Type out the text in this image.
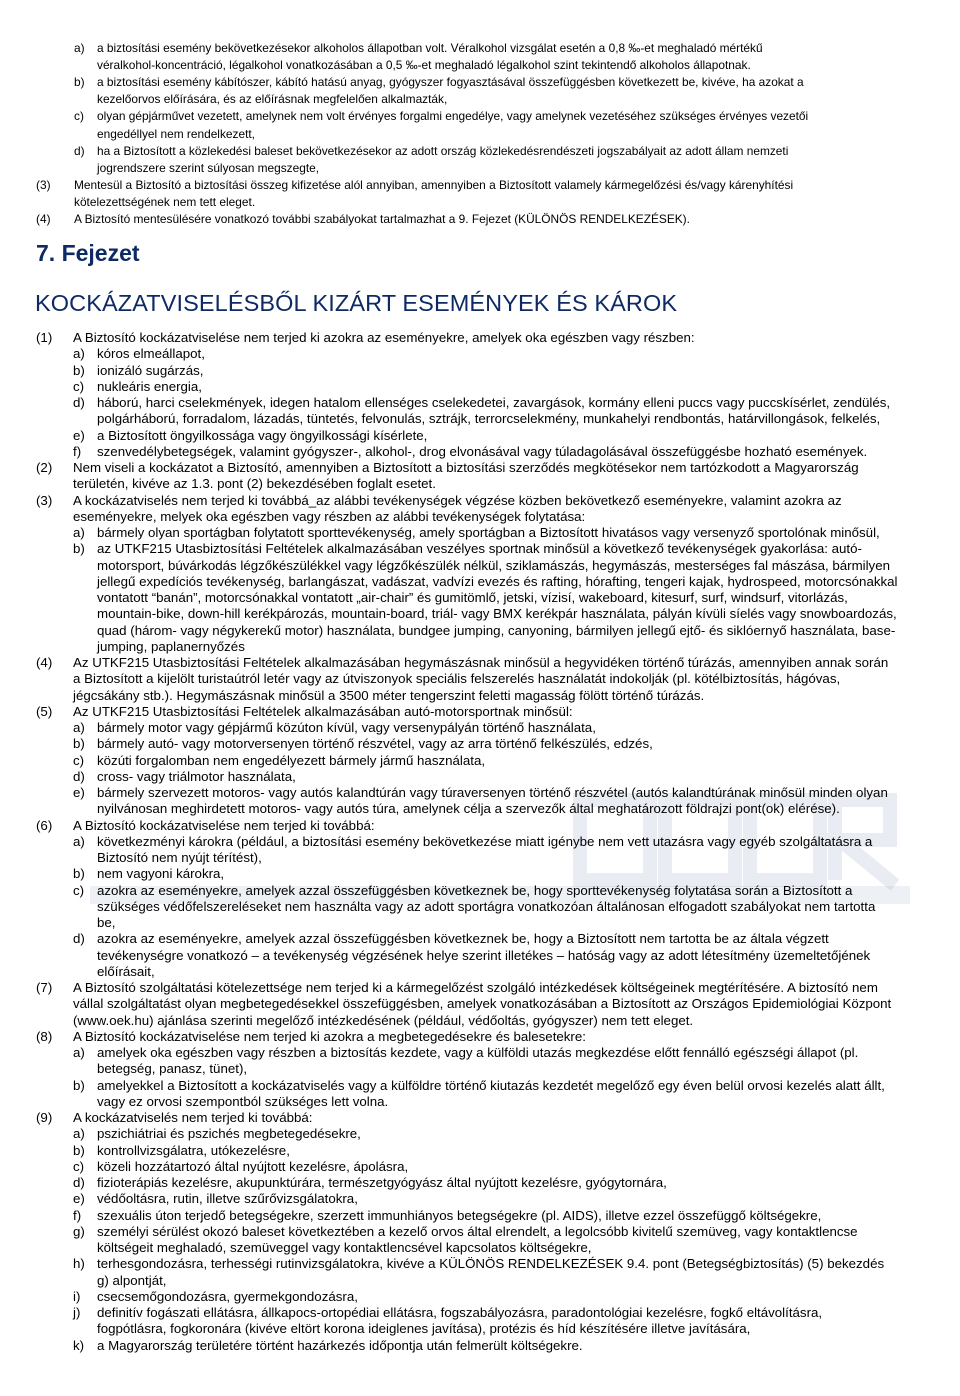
a) a biztosítási esemény bekövetkezésekor alkoholos állapotban volt. Véralkohol vizsgálat esetén a 0,8 ‰-et meghaladó mértékű
véralkohol-koncentráció, légalkohol vonatkozásában a 0,5 ‰-et meghaladó légalkohol szint tekintendő alkoholos állapotnak.
b) a biztosítási esemény kábítószer, kábító hatású anyag, gyógyszer fogyasztásával összefüggésben következett be, kivéve, ha azokat a
kezelőorvos előírására, és az előírásnak megfelelően alkalmazták,
c) olyan gépjárművet vezetett, amelynek nem volt érvényes forgalmi engedélye, vagy amelynek vezetéséhez szükséges érvényes vezetői
engedéllyel nem rendelkezett,
d) ha a Biztosított a közlekedési baleset bekövetkezésekor az adott ország közlekedésrendészeti jogszabályait az adott állam nemzeti
jogrendszere szerint súlyosan megszegte,
(3) Mentesül a Biztosító a biztosítási összeg kifizetése alól annyiban, amennyiben a Biztosított valamely kármegelőzési és/vagy kárenyhítési
kötelezettségének nem tett eleget.
(4) A Biztosító mentesülésére vonatkozó további szabályokat tartalmazhat a 9. Fejezet (KÜLÖNÖS RENDELKEZÉSEK).
7. Fejezet
KOCKÁZATVISELÉSBŐL KIZÁRT ESEMÉNYEK ÉS KÁROK
(1) A Biztosító kockázatviselése nem terjed ki azokra az eseményekre, amelyek oka egészben vagy részben:
a) kóros elmeállapot,
b) ionizáló sugárzás,
c) nukleáris energia,
d) háború, harci cselekmények, idegen hatalom ellenséges cselekedetei, zavargások, kormány elleni puccs vagy puccskísérlet, zendülés,
polgárháború, forradalom, lázadás, tüntetés, felvonulás, sztrájk, terrorcselekmény, munkahelyi rendbontás, határvillongások, felkelés,
e) a Biztosított öngyilkossága vagy öngyilkossági kísérlete,
f) szenvedélybetegségek, valamint gyógyszer-, alkohol-, drog elvonásával vagy túladagolásával összefüggésbe hozható események.
(2) Nem viseli a kockázatot a Biztosító, amennyiben a Biztosított a biztosítási szerződés megkötésekor nem tartózkodott a Magyarország
területén, kivéve az 1.3. pont (2) bekezdésében foglalt esetet.
(3) A kockázatviselés nem terjed ki továbbá_az alábbi tevékenységek végzése közben bekövetkező eseményekre, valamint azokra az
eseményekre, melyek oka egészben vagy részben az alábbi tevékenységek folytatása:
a) bármely olyan sportágban folytatott sporttevékenység, amely sportágban a Biztosított hivatásos vagy versenyző sportolónak minősül,
b) az UTKF215 Utasbiztosítási Feltételek alkalmazásában veszélyes sportnak minősül a következő tevékenységek gyakorlása: autó-
motorsport, búvárkodás légzőkészülékkel vagy légzőkészülék nélkül, sziklamászás, hegymászás, mesterséges fal mászása, bármilyen
jellegű expedíciós tevékenység, barlangászat, vadászat, vadvízi evezés és rafting, hórafting, tengeri kajak, hydrospeed, motorcsónakkal
vontatott “banán”, motorcsónakkal vontatott „air-chair” és gumitömlő, jetski, vízisí, wakeboard, kitesurf, surf, windsurf, vitorlázás,
mountain-bike, down-hill kerékpározás, mountain-board, triál- vagy BMX kerékpár használata, pályán kívüli síelés vagy snowboardozás,
quad (három- vagy négykerekű motor) használata, bundgee jumping, canyoning, bármilyen jellegű ejtő- és siklóernyő használata, base-
jumping, paplanernyőzés
(4) Az UTKF215 Utasbiztosítási Feltételek alkalmazásában hegymászásnak minősül a hegyvidéken történő túrázás, amennyiben annak során
a Biztosított a kijelölt turistaútról letér vagy az útviszonyok speciális felszerelés használatát indokolják (pl. kötélbiztosítás, hágóvas,
jégcsákány stb.). Hegymászásnak minősül a 3500 méter tengerszint feletti magasság fölött történő túrázás.
(5) Az UTKF215 Utasbiztosítási Feltételek alkalmazásában autó-motorsportnak minősül:
a) bármely motor vagy gépjármű közúton kívül, vagy versenypályán történő használata,
b) bármely autó- vagy motorversenyen történő részvétel, vagy az arra történő felkészülés, edzés,
c) közúti forgalomban nem engedélyezett bármely jármű használata,
d) cross- vagy triálmotor használata,
e) bármely szervezett motoros- vagy autós kalandtúrán vagy túraversenyen történő részvétel (autós kalandtúrának minősül minden olyan
nyilvánosan meghirdetett motoros- vagy autós túra, amelynek célja a szervezők által meghatározott földrajzi pont(ok) elérése).
(6) A Biztosító kockázatviselése nem terjed ki továbbá:
a) következményi károkra (például, a biztosítási esemény bekövetkezése miatt igénybe nem vett utazásra vagy egyéb szolgáltatásra a
Biztosító nem nyújt térítést),
b) nem vagyoni károkra,
c) azokra az eseményekre, amelyek azzal összefüggésben következnek be, hogy sporttevékenység folytatása során a Biztosított a
szükséges védőfelszereléseket nem használta vagy az adott sportágra vonatkozóan általánosan elfogadott szabályokat nem tartotta
be,
d) azokra az eseményekre, amelyek azzal összefüggésben következnek be, hogy a Biztosított nem tartotta be az általa végzett
tevékenységre vonatkozó – a tevékenység végzésének helye szerint illetékes – hatóság vagy az adott létesítmény üzemeltetőjének
előírásait,
(7) A Biztosító szolgáltatási kötelezettsége nem terjed ki a kármegelőzést szolgáló intézkedések költségeinek megtérítésére. A biztosító nem
vállal szolgáltatást olyan megbetegedésekkel összefüggésben, amelyek vonatkozásában a Biztosított az Országos Epidemiológiai Központ
(www.oek.hu) ajánlása szerinti megelőző intézkedésének (például, védőoltás, gyógyszer) nem tett eleget.
(8) A Biztosító kockázatviselése nem terjed ki azokra a megbetegedésekre és balesetekre:
a) amelyek oka egészben vagy részben a biztosítás kezdete, vagy a külföldi utazás megkezdése előtt fennálló egészségi állapot (pl.
betegség, panasz, tünet),
b) amelyekkel a Biztosított a kockázatviselés vagy a külföldre történő kiutazás kezdetét megelőző egy éven belül orvosi kezelés alatt állt,
vagy ez orvosi szempontból szükséges lett volna.
(9) A kockázatviselés nem terjed ki továbbá:
a) pszichiátriai és pszichés megbetegedésekre,
b) kontrollvizsgálatra, utókezelésre,
c) közeli hozzátartozó által nyújtott kezelésre, ápolásra,
d) fizioterápiás kezelésre, akupunktúrára, természetgyógyász által nyújtott kezelésre, gyógytornára,
e) védőoltásra, rutin, illetve szűrővizsgálatokra,
f) szexuális úton terjedő betegségekre, szerzett immunhiányos betegségekre (pl. AIDS), illetve ezzel összefüggő költségekre,
g) személyi sérülést okozó baleset következtében a kezelő orvos által elrendelt, a legolcsóbb kivitelű szemüveg, vagy kontaktlencse
költségeit meghaladó, szemüveggel vagy kontaktlencsével kapcsolatos költségekre,
h) terhesgondozásra, terhességi rutinvizsgálatokra, kivéve a KÜLÖNÖS RENDELKEZÉSEK 9.4. pont (Betegségbiztosítás) (5) bekezdés
g) alpontját,
i) csecsemőgondozásra, gyermekgondozásra,
j) definitív fogászati ellátásra, állkapocs-ortopédiai ellátásra, fogszabályozásra, paradontológiai kezelésre, fogkő eltávolításra,
fogpótlásra, fogkoronára (kivéve eltört korona ideiglenes javítása), protézis és híd készítésére illetve javítására,
k) a Magyarország területére történt hazárkezés időpontja után felmerült költségekre.
